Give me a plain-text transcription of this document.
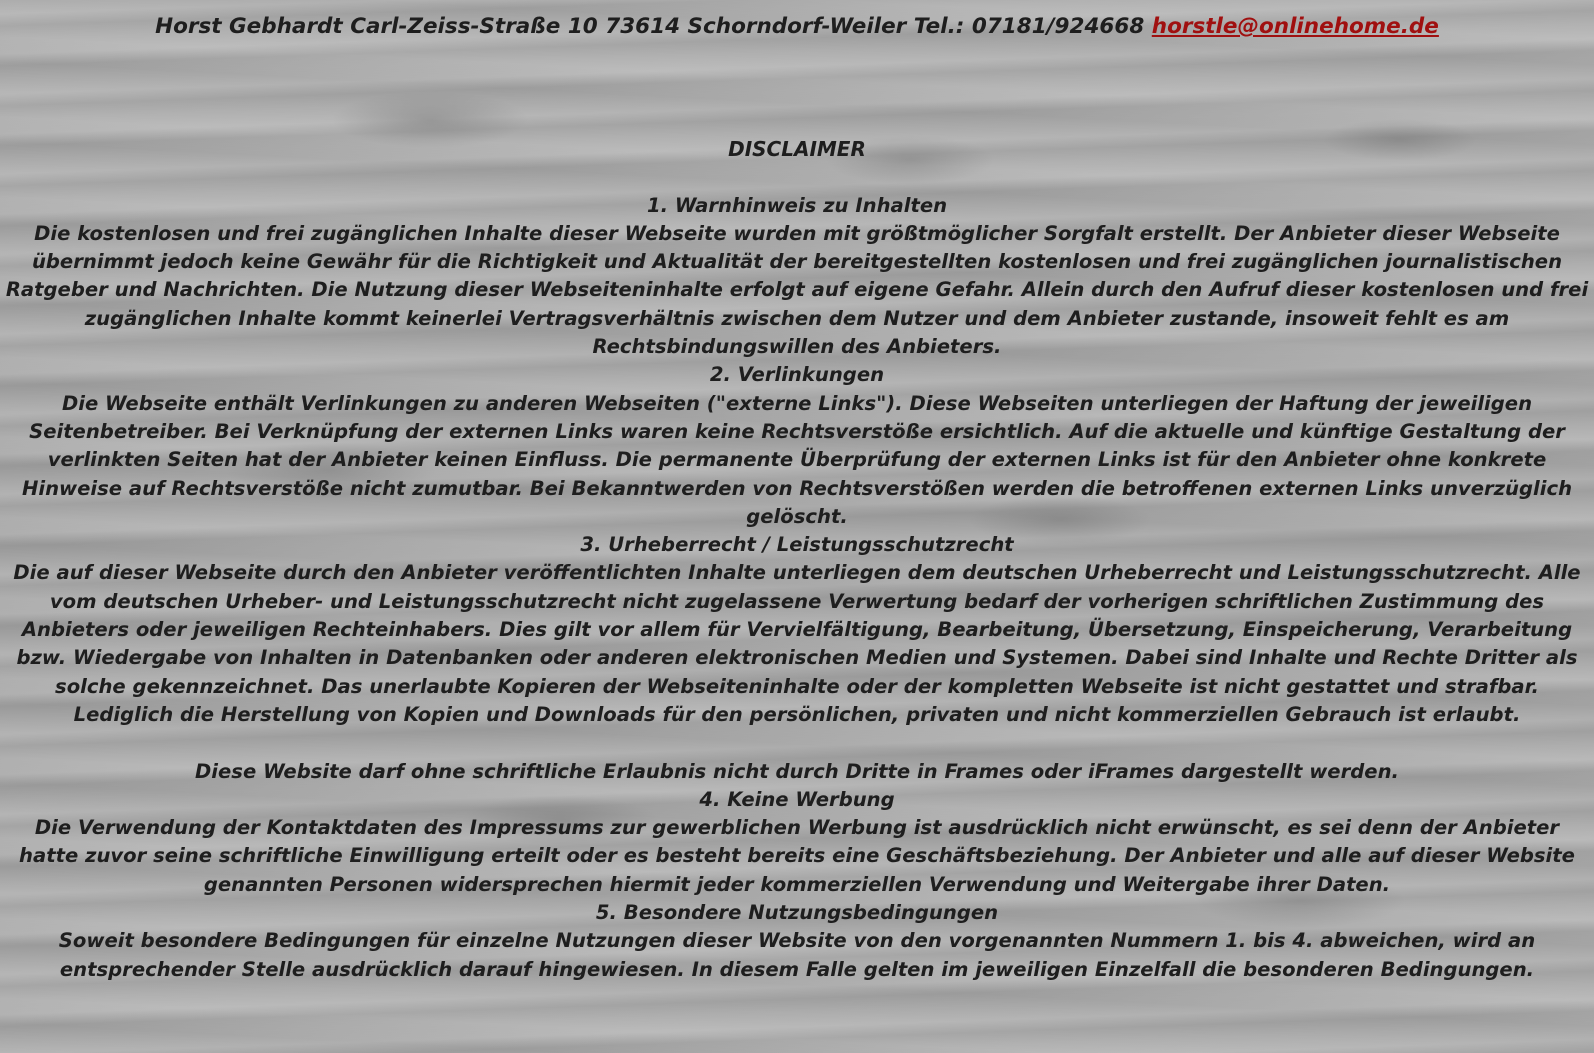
Horst Gebhardt Carl-Zeiss-Straße 10 73614 Schorndorf-Weiler Tel.: 07181/924668 horstle@onlinehome.de

DISCLAIMER

1. Warnhinweis zu Inhalten

Die kostenlosen und frei zugänglichen Inhalte dieser Webseite wurden mit größtmöglicher Sorgfalt erstellt. Der Anbieter dieser Webseite übernimmt jedoch keine Gewähr für die Richtigkeit und Aktualität der bereitgestellten kostenlosen und frei zugänglichen journalistischen Ratgeber und Nachrichten. Die Nutzung dieser Webseiteninhalte erfolgt auf eigene Gefahr. Allein durch den Aufruf dieser kostenlosen und frei zugänglichen Inhalte kommt keinerlei Vertragsverhältnis zwischen dem Nutzer und dem Anbieter zustande, insoweit fehlt es am Rechtsbindungswillen des Anbieters.

2. Verlinkungen

Die Webseite enthält Verlinkungen zu anderen Webseiten ("externe Links"). Diese Webseiten unterliegen der Haftung der jeweiligen Seitenbetreiber. Bei Verknüpfung der externen Links waren keine Rechtsverstöße ersichtlich. Auf die aktuelle und künftige Gestaltung der verlinkten Seiten hat der Anbieter keinen Einfluss. Die permanente Überprüfung der externen Links ist für den Anbieter ohne konkrete Hinweise auf Rechtsverstöße nicht zumutbar. Bei Bekanntwerden von Rechtsverstößen werden die betroffenen externen Links unverzüglich gelöscht.

3. Urheberrecht / Leistungsschutzrecht

Die auf dieser Webseite durch den Anbieter veröffentlichten Inhalte unterliegen dem deutschen Urheberrecht und Leistungsschutzrecht. Alle vom deutschen Urheber- und Leistungsschutzrecht nicht zugelassene Verwertung bedarf der vorherigen schriftlichen Zustimmung des Anbieters oder jeweiligen Rechteinhabers. Dies gilt vor allem für Vervielfältigung, Bearbeitung, Übersetzung, Einspeicherung, Verarbeitung bzw. Wiedergabe von Inhalten in Datenbanken oder anderen elektronischen Medien und Systemen. Dabei sind Inhalte und Rechte Dritter als solche gekennzeichnet. Das unerlaubte Kopieren der Webseiteninhalte oder der kompletten Webseite ist nicht gestattet und strafbar. Lediglich die Herstellung von Kopien und Downloads für den persönlichen, privaten und nicht kommerziellen Gebrauch ist erlaubt.

Diese Website darf ohne schriftliche Erlaubnis nicht durch Dritte in Frames oder iFrames dargestellt werden.

4. Keine Werbung

Die Verwendung der Kontaktdaten des Impressums zur gewerblichen Werbung ist ausdrücklich nicht erwünscht, es sei denn der Anbieter hatte zuvor seine schriftliche Einwilligung erteilt oder es besteht bereits eine Geschäftsbeziehung. Der Anbieter und alle auf dieser Website genannten Personen widersprechen hiermit jeder kommerziellen Verwendung und Weitergabe ihrer Daten.

5. Besondere Nutzungsbedingungen

Soweit besondere Bedingungen für einzelne Nutzungen dieser Website von den vorgenannten Nummern 1. bis 4. abweichen, wird an entsprechender Stelle ausdrücklich darauf hingewiesen. In diesem Falle gelten im jeweiligen Einzelfall die besonderen Bedingungen.
